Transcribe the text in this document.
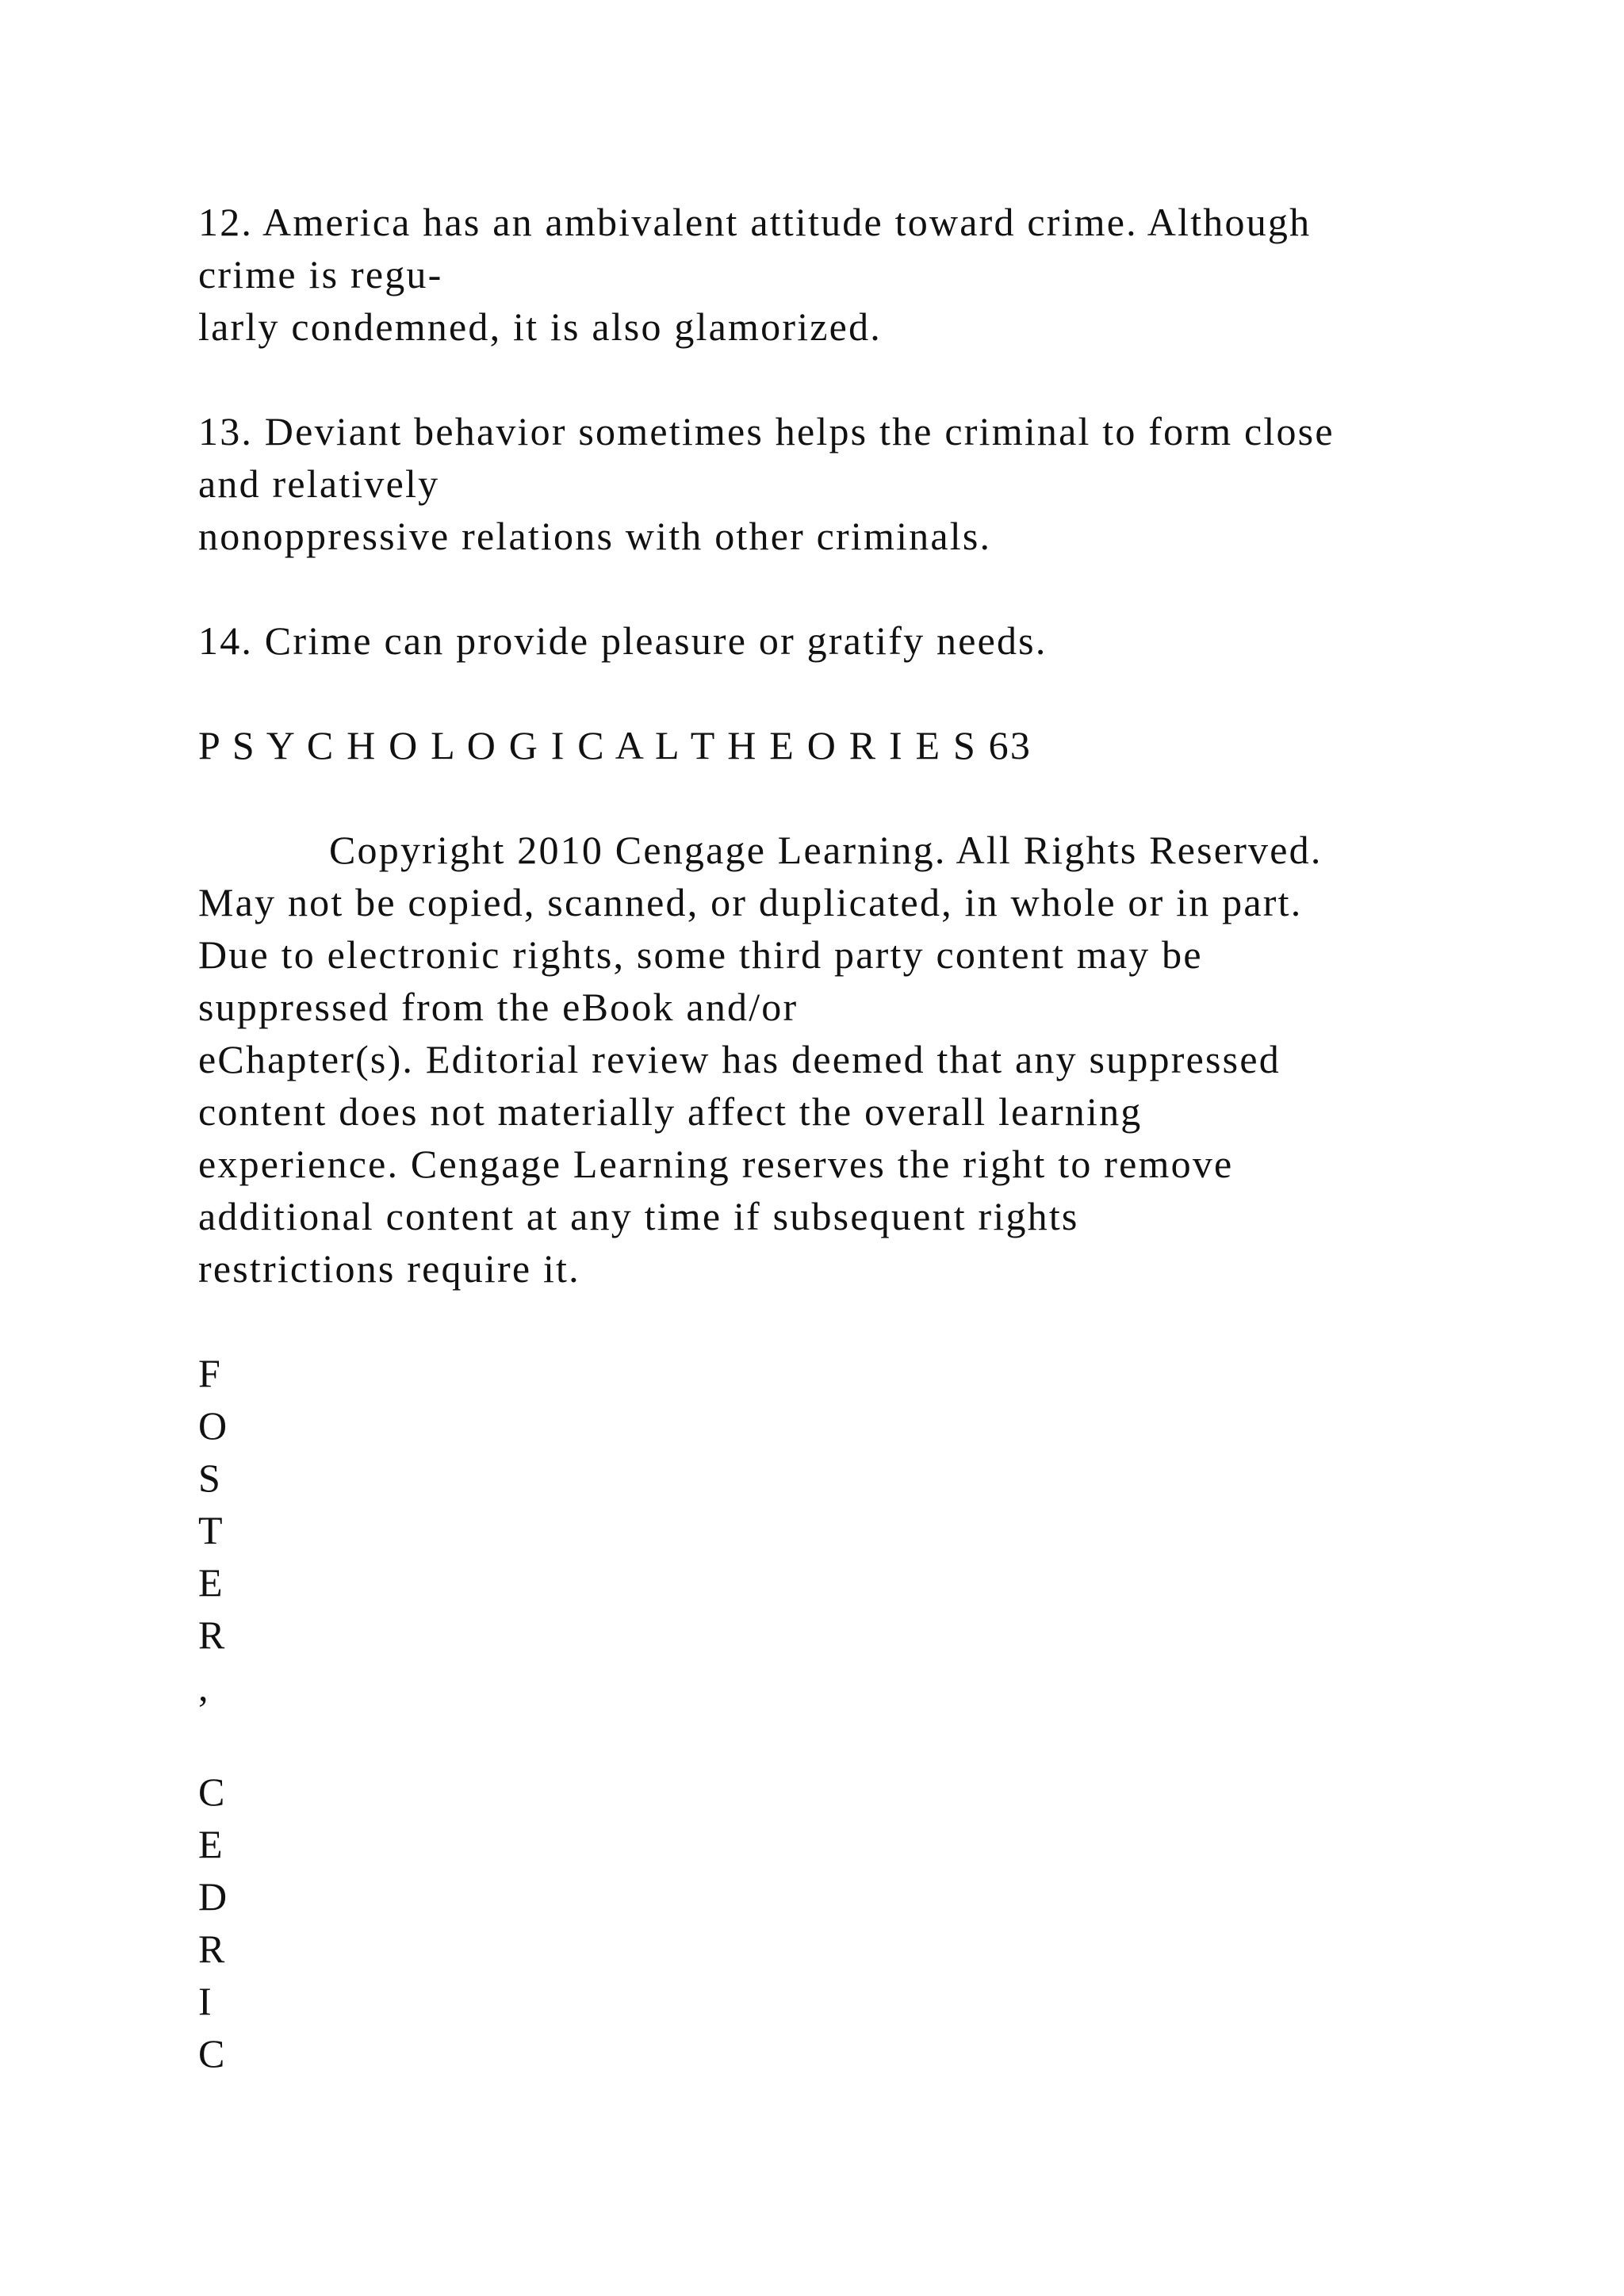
12. America has an ambivalent attitude toward crime. Although
crime is regu-
larly condemned, it is also glamorized.
13. Deviant behavior sometimes helps the criminal to form close
and relatively
nonoppressive relations with other criminals.
14. Crime can provide pleasure or gratify needs.
P S Y C H O L O G I C A L T H E O R I E S 63
Copyright 2010 Cengage Learning. All Rights Reserved.
May not be copied, scanned, or duplicated, in whole or in part.
Due to electronic rights, some third party content may be
suppressed from the eBook and/or
eChapter(s). Editorial review has deemed that any suppressed
content does not materially affect the overall learning
experience. Cengage Learning reserves the right to remove
additional content at any time if subsequent rights
restrictions require it.
F
O
S
T
E
R
,
C
E
D
R
I
C
